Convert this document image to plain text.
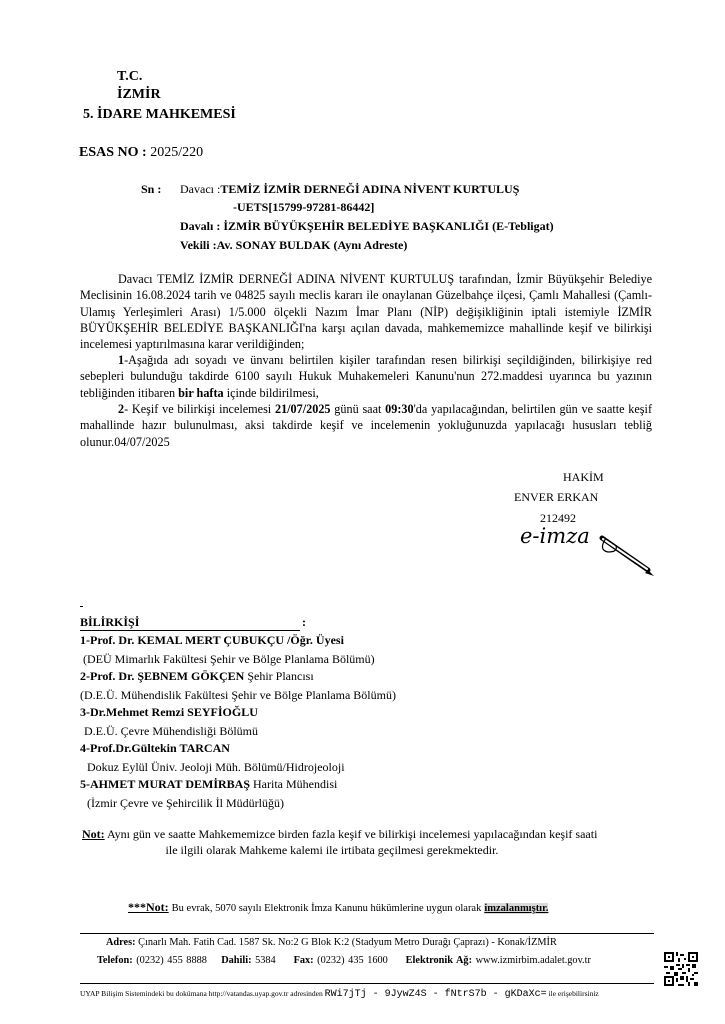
T.C.
İZMİR
5. İDARE MAHKEMESİ
ESAS NO : 2025/220
Sn : Davacı :TEMİZ İZMİR DERNEĞİ ADINA NİVENT KURTULUŞ
-UETS[15799-97281-86442]
Davalı : İZMİR BÜYÜKŞEHİR BELEDİYE BAŞKANLIĞI (E-Tebligat)
Vekili :Av. SONAY BULDAK (Aynı Adreste)
Davacı TEMİZ İZMİR DERNEĞİ ADINA NİVENT KURTULUŞ tarafından, İzmir Büyükşehir Belediye Meclisinin 16.08.2024 tarih ve 04825 sayılı meclis kararı ile onaylanan Güzelbahçe ilçesi, Çamlı Mahallesi (Çamlı-Ulamış Yerleşimleri Arası) 1/5.000 ölçekli Nazım İmar Planı (NİP) değişikliğinin iptali istemiyle İZMİR BÜYÜKŞEHİR BELEDİYE BAŞKANLIĞI'na karşı açılan davada, mahkememizce mahallinde keşif ve bilirkişi incelemesi yaptırılmasına karar verildiğinden;
1-Aşağıda adı soyadı ve ünvanı belirtilen kişiler tarafından resen bilirkişi seçildiğinden, bilirkişiye red sebepleri bulunduğu takdirde 6100 sayılı Hukuk Muhakemeleri Kanunu'nun 272.maddesi uyarınca bu yazının tebliğinden itibaren bir hafta içinde bildirilmesi,
2- Keşif ve bilirkişi incelemesi 21/07/2025 günü saat 09:30'da yapılacağından, belirtilen gün ve saatte keşif mahallinde hazır bulunulması, aksi takdirde keşif ve incelemenin yokluğunuzda yapılacağı hususları tebliğ olunur.04/07/2025
HAKİM
ENVER ERKAN
212492
e-imza
BİLİRKİŞİ	:
1-Prof. Dr. KEMAL MERT ÇUBUKÇU /Öğr. Üyesi
(DEÜ Mimarlık Fakültesi Şehir ve Bölge Planlama Bölümü)
2-Prof. Dr. ŞEBNEM GÖKÇEN Şehir Plancısı
(D.E.Ü. Mühendislik Fakültesi Şehir ve Bölge Planlama Bölümü)
3-Dr.Mehmet Remzi SEYFİOĞLU
D.E.Ü. Çevre Mühendisliği Bölümü
4-Prof.Dr.Gültekin TARCAN
Dokuz Eylül Üniv. Jeoloji Müh. Bölümü/Hidrojeoloji
5-AHMET MURAT DEMİRBAŞ Harita Mühendisi
(İzmir Çevre ve Şehircilik İl Müdürlüğü)
Not: Aynı gün ve saatte Mahkememizce birden fazla keşif ve bilirkişi incelemesi yapılacağından keşif saati
ile ilgili olarak Mahkeme kalemi ile irtibata geçilmesi gerekmektedir.
***Not: Bu evrak, 5070 sayılı Elektronik İmza Kanunu hükümlerine uygun olarak imzalanmıştır.
Adres: Çınarlı Mah. Fatih Cad. 1587 Sk. No:2 G Blok K:2 (Stadyum Metro Durağı Çaprazı) - Konak/İZMİR
Telefon: (0232) 455 8888 Dahili: 5384 Fax: (0232) 435 1600 Elektronik Ağ: www.izmirbim.adalet.gov.tr
UYAP Bilişim Sistemindeki bu dokümana http://vatandas.uyap.gov.tr adresinden RWi7jTj - 9JywZ4S - fNtrS7b - gKDaXc= ile erişebilirsiniz
